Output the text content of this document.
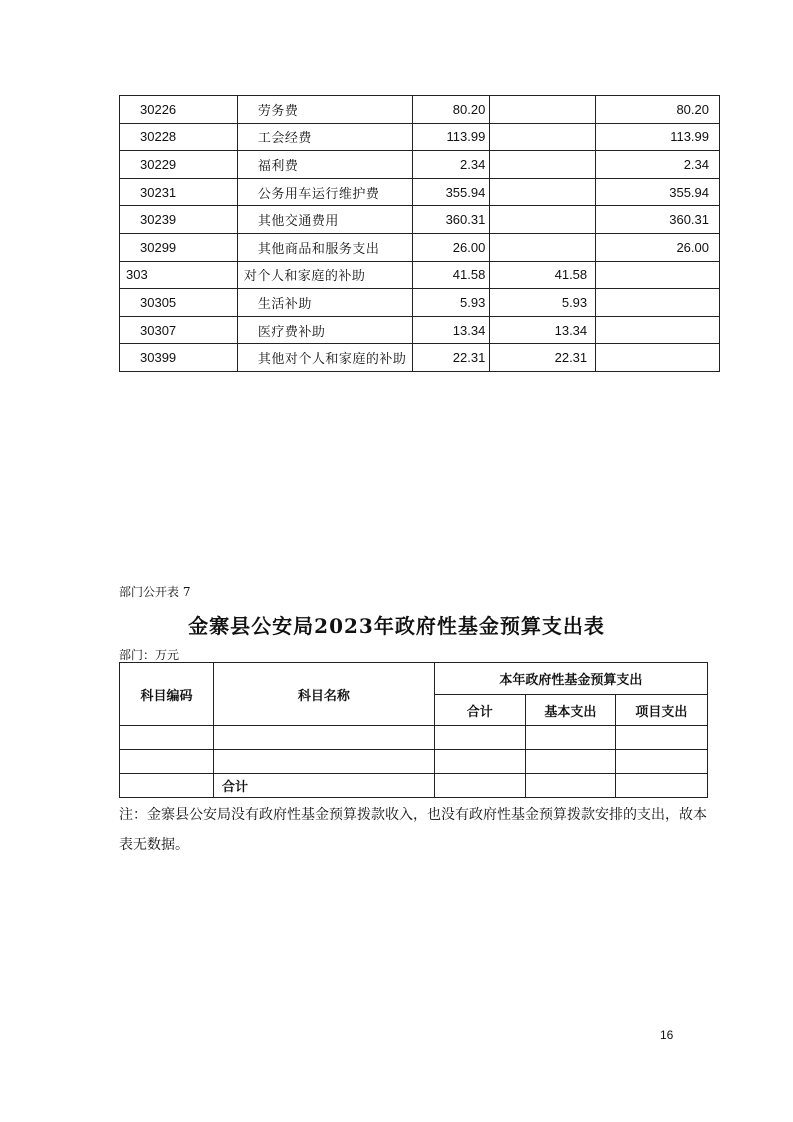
30226	劳务费	80.20		80.20
30228	工会经费	113.99		113.99
30229	福利费	2.34		2.34
30231	公务用车运行维护费	355.94		355.94
30239	其他交通费用	360.31		360.31
30299	其他商品和服务支出	26.00		26.00
303	对个人和家庭的补助	41.58	41.58	
30305	生活补助	5.93	5.93	
30307	医疗费补助	13.34	13.34	
30399	其他对个人和家庭的补助	22.31	22.31	
部门公开表 7
金寨县公安局2023年政府性基金预算支出表
部门：万元
科目编码	科目名称	本年政府性基金预算支出		
		合计	基本支出	项目支出

	合计			
注：金寨县公安局没有政府性基金预算拨款收入，也没有政府性基金预算拨款安排的支出，故本表无数据。
16
